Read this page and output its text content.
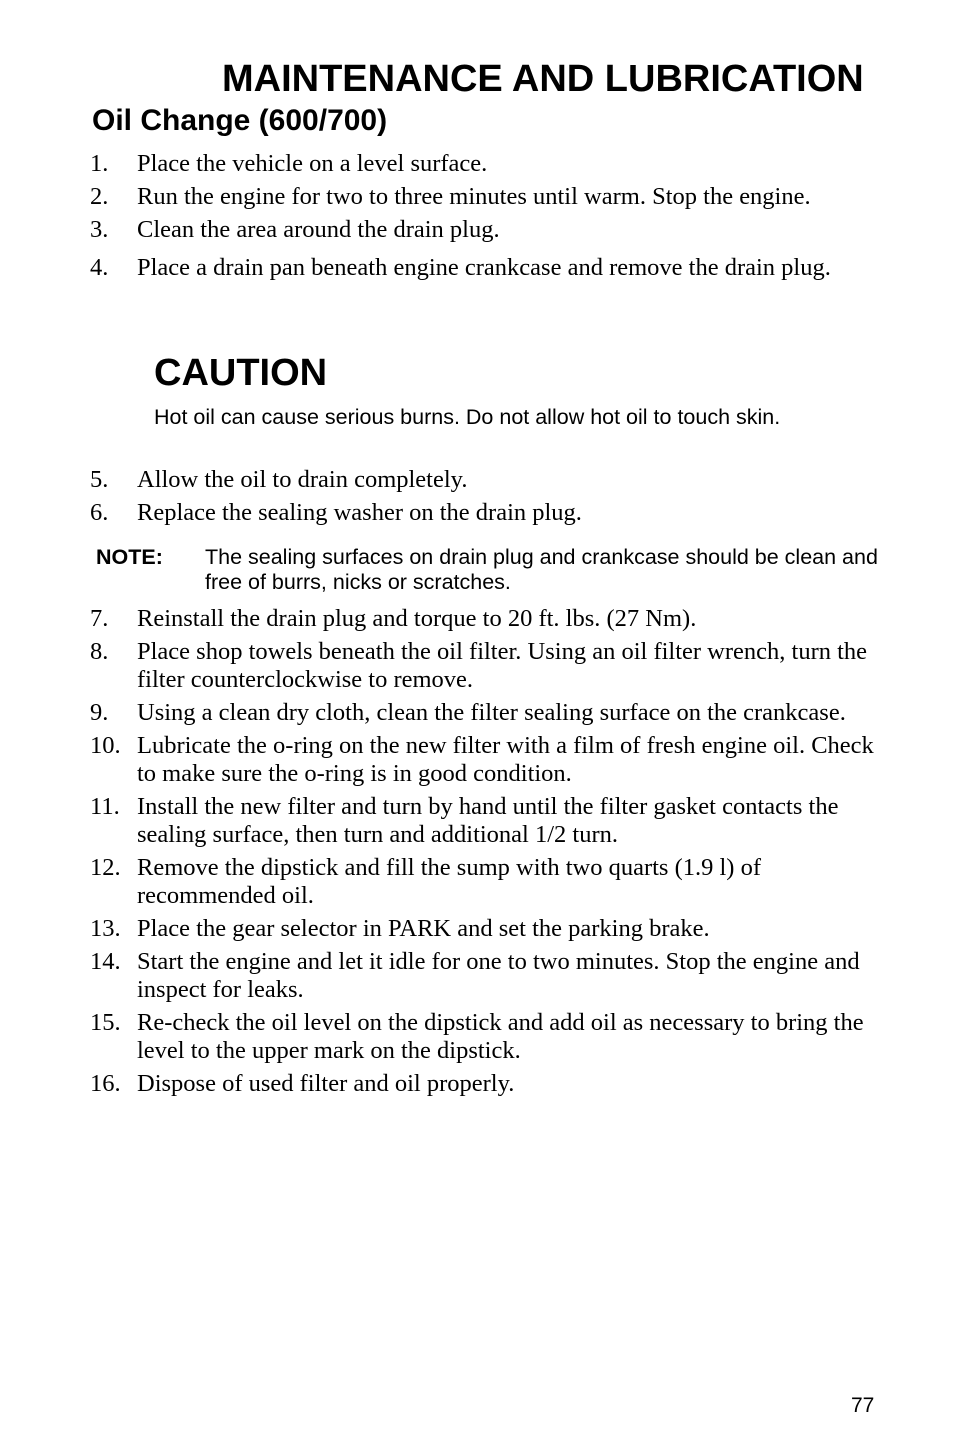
MAINTENANCE AND LUBRICATION
Oil Change (600/700)
1.	Place the vehicle on a level surface.
2.	Run the engine for two to three minutes until warm. Stop the engine.
3.	Clean the area around the drain plug.
4.	Place a drain pan beneath engine crankcase and remove the drain plug.
CAUTION

Hot oil can cause serious burns. Do not allow hot oil to touch skin.

5.	Allow the oil to drain completely.
6.	Replace the sealing washer on the drain plug.
NOTE: The sealing surfaces on drain plug and crankcase should be clean and free of burrs, nicks or scratches.
7.	Reinstall the drain plug and torque to 20 ft. lbs. (27 Nm).
8.	Place shop towels beneath the oil filter. Using an oil filter wrench, turn the filter counterclockwise to remove.
9.	Using a clean dry cloth, clean the filter sealing surface on the crankcase.
10. Lubricate the o-ring on the new filter with a film of fresh engine oil. Check to make sure the o-ring is in good condition.
11. Install the new filter and turn by hand until the filter gasket contacts the sealing surface, then turn and additional 1/2 turn.
12. Remove the dipstick and fill the sump with two quarts (1.9 l) of recommended oil.
13. Place the gear selector in PARK and set the parking brake.
14. Start the engine and let it idle for one to two minutes. Stop the engine and inspect for leaks.
15. Re-check the oil level on the dipstick and add oil as necessary to bring the level to the upper mark on the dipstick.
16. Dispose of used filter and oil properly.
77
